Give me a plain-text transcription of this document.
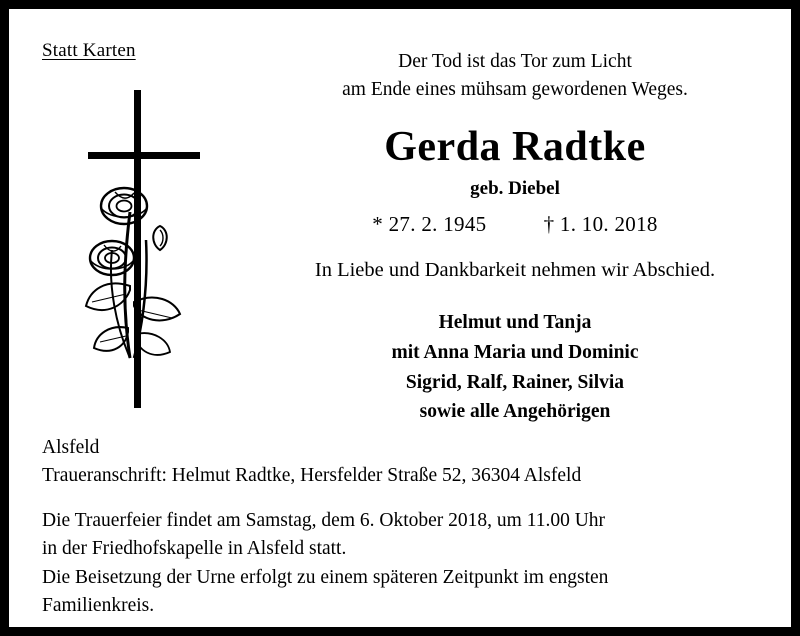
Statt Karten
Der Tod ist das Tor zum Licht
am Ende eines mühsam gewordenen Weges.
Gerda Radtke
geb. Diebel
* 27. 2. 1945	† 1. 10. 2018
In Liebe und Dankbarkeit nehmen wir Abschied.
Helmut und Tanja
mit Anna Maria und Dominic
Sigrid, Ralf, Rainer, Silvia
sowie alle Angehörigen
Alsfeld
Traueranschrift: Helmut Radtke, Hersfelder Straße 52, 36304 Alsfeld
Die Trauerfeier findet am Samstag, dem 6. Oktober 2018, um 11.00 Uhr
in der Friedhofskapelle in Alsfeld statt.
Die Beisetzung der Urne erfolgt zu einem späteren Zeitpunkt im engsten
Familienkreis.
